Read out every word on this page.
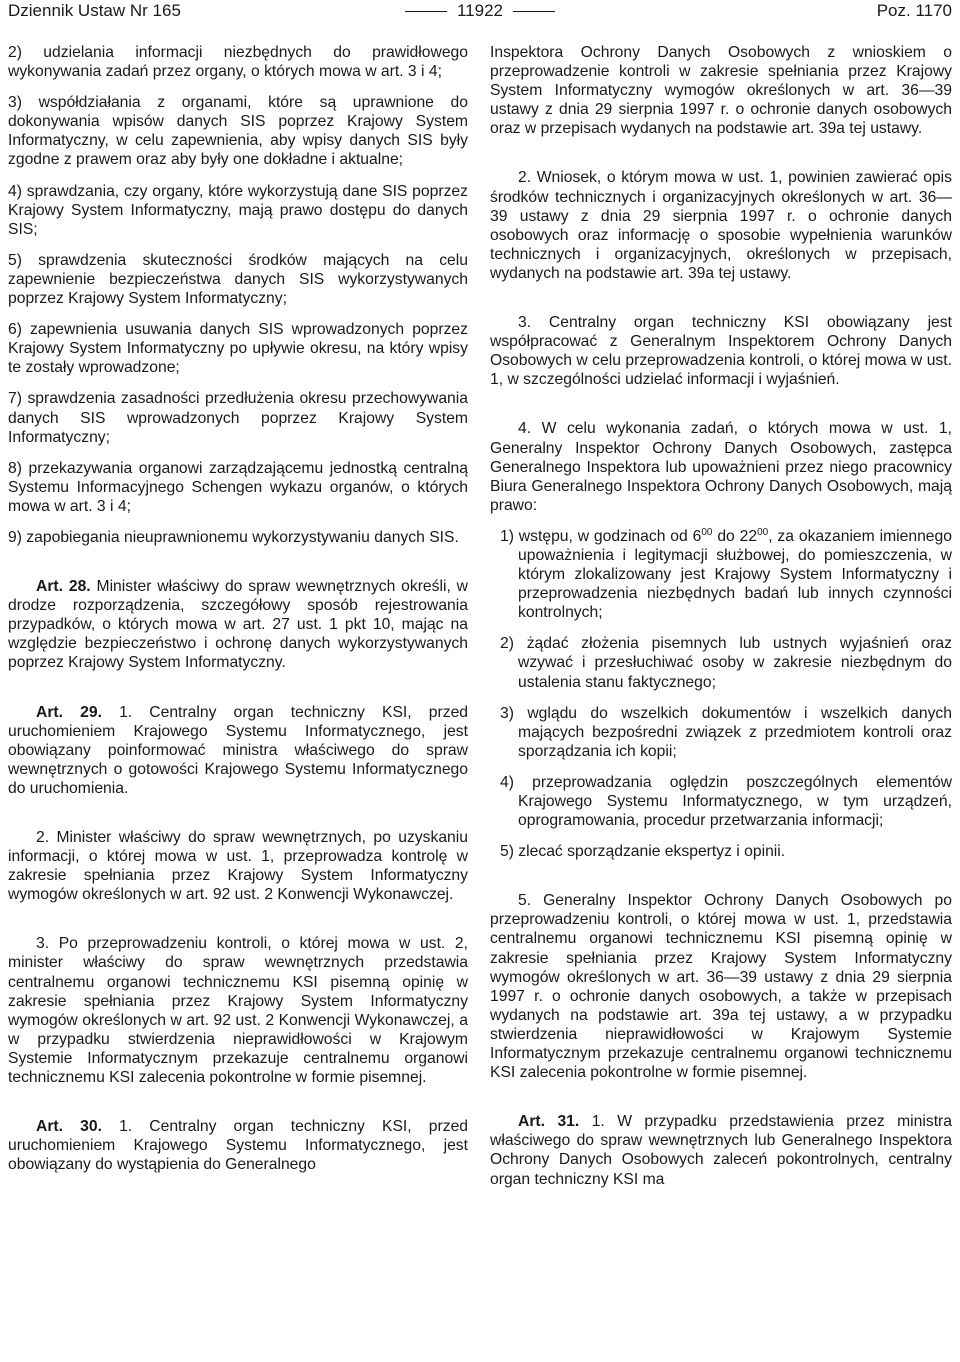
Dziennik Ustaw Nr 165	11922	Poz. 1170

2) udzielania informacji niezbędnych do prawidłowego wykonywania zadań przez organy, o których mowa w art. 3 i 4;

3) współdziałania z organami, które są uprawnione do dokonywania wpisów danych SIS poprzez Krajowy System Informatyczny, w celu zapewnienia, aby wpisy danych SIS były zgodne z prawem oraz aby były one dokładne i aktualne;

4) sprawdzania, czy organy, które wykorzystują dane SIS poprzez Krajowy System Informatyczny, mają prawo dostępu do danych SIS;

5) sprawdzenia skuteczności środków mających na celu zapewnienie bezpieczeństwa danych SIS wykorzystywanych poprzez Krajowy System Informatyczny;

6) zapewnienia usuwania danych SIS wprowadzonych poprzez Krajowy System Informatyczny po upływie okresu, na który wpisy te zostały wprowadzone;

7) sprawdzenia zasadności przedłużenia okresu przechowywania danych SIS wprowadzonych poprzez Krajowy System Informatyczny;

8) przekazywania organowi zarządzającemu jednostką centralną Systemu Informacyjnego Schengen wykazu organów, o których mowa w art. 3 i 4;

9) zapobiegania nieuprawnionemu wykorzystywaniu danych SIS.

Art. 28. Minister właściwy do spraw wewnętrznych określi, w drodze rozporządzenia, szczegółowy sposób rejestrowania przypadków, o których mowa w art. 27 ust. 1 pkt 10, mając na względzie bezpieczeństwo i ochronę danych wykorzystywanych poprzez Krajowy System Informatyczny.

Art. 29. 1. Centralny organ techniczny KSI, przed uruchomieniem Krajowego Systemu Informatycznego, jest obowiązany poinformować ministra właściwego do spraw wewnętrznych o gotowości Krajowego Systemu Informatycznego do uruchomienia.

2. Minister właściwy do spraw wewnętrznych, po uzyskaniu informacji, o której mowa w ust. 1, przeprowadza kontrolę w zakresie spełniania przez Krajowy System Informatyczny wymogów określonych w art. 92 ust. 2 Konwencji Wykonawczej.

3. Po przeprowadzeniu kontroli, o której mowa w ust. 2, minister właściwy do spraw wewnętrznych przedstawia centralnemu organowi technicznemu KSI pisemną opinię w zakresie spełniania przez Krajowy System Informatyczny wymogów określonych w art. 92 ust. 2 Konwencji Wykonawczej, a w przypadku stwierdzenia nieprawidłowości w Krajowym Systemie Informatycznym przekazuje centralnemu organowi technicznemu KSI zalecenia pokontrolne w formie pisemnej.

Art. 30. 1. Centralny organ techniczny KSI, przed uruchomieniem Krajowego Systemu Informatycznego, jest obowiązany do wystąpienia do Generalnego

Inspektora Ochrony Danych Osobowych z wnioskiem o przeprowadzenie kontroli w zakresie spełniania przez Krajowy System Informatyczny wymogów określonych w art. 36—39 ustawy z dnia 29 sierpnia 1997 r. o ochronie danych osobowych oraz w przepisach wydanych na podstawie art. 39a tej ustawy.

2. Wniosek, o którym mowa w ust. 1, powinien zawierać opis środków technicznych i organizacyjnych określonych w art. 36—39 ustawy z dnia 29 sierpnia 1997 r. o ochronie danych osobowych oraz informację o sposobie wypełnienia warunków technicznych i organizacyjnych, określonych w przepisach, wydanych na podstawie art. 39a tej ustawy.

3. Centralny organ techniczny KSI obowiązany jest współpracować z Generalnym Inspektorem Ochrony Danych Osobowych w celu przeprowadzenia kontroli, o której mowa w ust. 1, w szczególności udzielać informacji i wyjaśnień.

4. W celu wykonania zadań, o których mowa w ust. 1, Generalny Inspektor Ochrony Danych Osobowych, zastępca Generalnego Inspektora lub upoważnieni przez niego pracownicy Biura Generalnego Inspektora Ochrony Danych Osobowych, mają prawo:

1) wstępu, w godzinach od $6^{00}$ do $22^{00}$, za okazaniem imiennego upoważnienia i legitymacji służbowej, do pomieszczenia, w którym zlokalizowany jest Krajowy System Informatyczny i przeprowadzenia niezbędnych badań lub innych czynności kontrolnych;

2) żądać złożenia pisemnych lub ustnych wyjaśnień oraz wzywać i przesłuchiwać osoby w zakresie niezbędnym do ustalenia stanu faktycznego;

3) wglądu do wszelkich dokumentów i wszelkich danych mających bezpośredni związek z przedmiotem kontroli oraz sporządzania ich kopii;

4) przeprowadzania oględzin poszczególnych elementów Krajowego Systemu Informatycznego, w tym urządzeń, oprogramowania, procedur przetwarzania informacji;

5) zlecać sporządzanie ekspertyz i opinii.

5. Generalny Inspektor Ochrony Danych Osobowych po przeprowadzeniu kontroli, o której mowa w ust. 1, przedstawia centralnemu organowi technicznemu KSI pisemną opinię w zakresie spełniania przez Krajowy System Informatyczny wymogów określonych w art. 36—39 ustawy z dnia 29 sierpnia 1997 r. o ochronie danych osobowych, a także w przepisach wydanych na podstawie art. 39a tej ustawy, a w przypadku stwierdzenia nieprawidłowości w Krajowym Systemie Informatycznym przekazuje centralnemu organowi technicznemu KSI zalecenia pokontrolne w formie pisemnej.

Art. 31. 1. W przypadku przedstawienia przez ministra właściwego do spraw wewnętrznych lub Generalnego Inspektora Ochrony Danych Osobowych zaleceń pokontrolnych, centralny organ techniczny KSI ma
